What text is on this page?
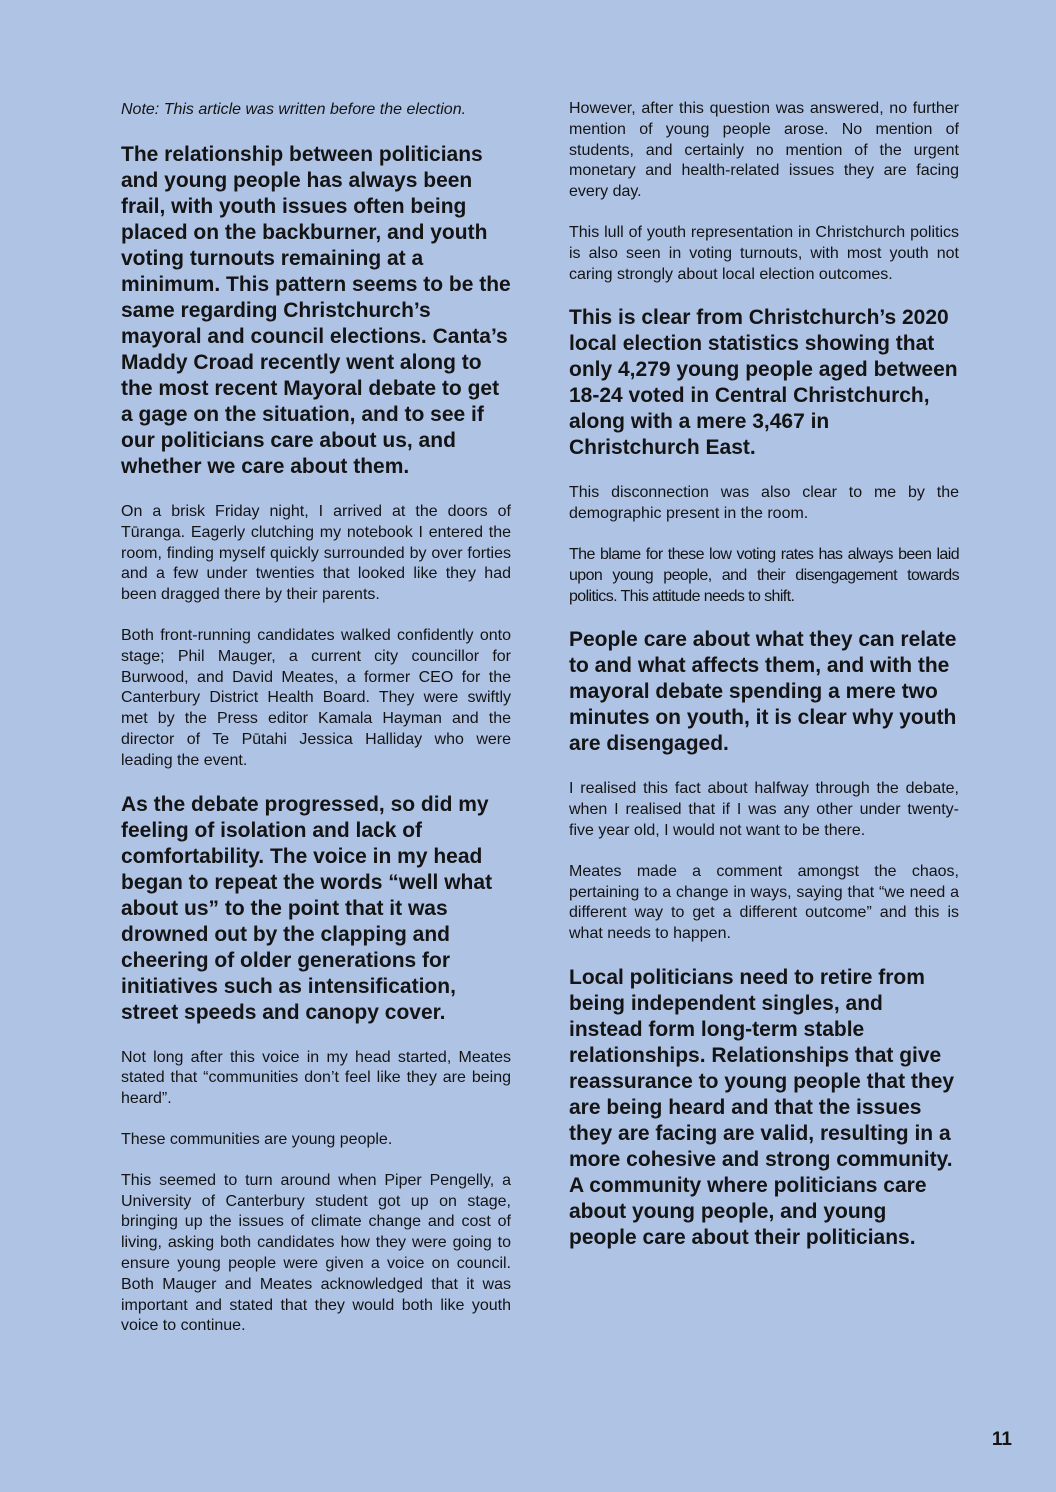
Note: This article was written before the election.

The relationship between politicians and young people has always been frail, with youth issues often being placed on the backburner, and youth voting turnouts remaining at a minimum. This pattern seems to be the same regarding Christchurch’s mayoral and council elections. Canta’s Maddy Croad recently went along to the most recent Mayoral debate to get a gage on the situation, and to see if our politicians care about us, and whether we care about them.

On a brisk Friday night, I arrived at the doors of Tūranga. Eagerly clutching my notebook I entered the room, finding myself quickly surrounded by over forties and a few under twenties that looked like they had been dragged there by their parents.

Both front-running candidates walked confidently onto stage; Phil Mauger, a current city councillor for Burwood, and David Meates, a former CEO for the Canterbury District Health Board. They were swiftly met by the Press editor Kamala Hayman and the director of Te Pūtahi Jessica Halliday who were leading the event.

As the debate progressed, so did my feeling of isolation and lack of comfortability. The voice in my head began to repeat the words “well what about us” to the point that it was drowned out by the clapping and cheering of older generations for initiatives such as intensification, street speeds and canopy cover.

Not long after this voice in my head started, Meates stated that “communities don’t feel like they are being heard”.

These communities are young people.

This seemed to turn around when Piper Pengelly, a University of Canterbury student got up on stage, bringing up the issues of climate change and cost of living, asking both candidates how they were going to ensure young people were given a voice on council. Both Mauger and Meates acknowledged that it was important and stated that they would both like youth voice to continue.

However, after this question was answered, no further mention of young people arose. No mention of students, and certainly no mention of the urgent monetary and health-related issues they are facing every day.

This lull of youth representation in Christchurch politics is also seen in voting turnouts, with most youth not caring strongly about local election outcomes.

This is clear from Christchurch’s 2020 local election statistics showing that only 4,279 young people aged between 18-24 voted in Central Christchurch, along with a mere 3,467 in Christchurch East.

This disconnection was also clear to me by the demographic present in the room.

The blame for these low voting rates has always been laid upon young people, and their disengagement towards politics. This attitude needs to shift.

People care about what they can relate to and what affects them, and with the mayoral debate spending a mere two minutes on youth, it is clear why youth are disengaged.

I realised this fact about halfway through the debate, when I realised that if I was any other under twenty-five year old, I would not want to be there.

Meates made a comment amongst the chaos, pertaining to a change in ways, saying that “we need a different way to get a different outcome” and this is what needs to happen.

Local politicians need to retire from being independent singles, and instead form long-term stable relationships. Relationships that give reassurance to young people that they are being heard and that the issues they are facing are valid, resulting in a more cohesive and strong community. A community where politicians care about young people, and young people care about their politicians.

11
